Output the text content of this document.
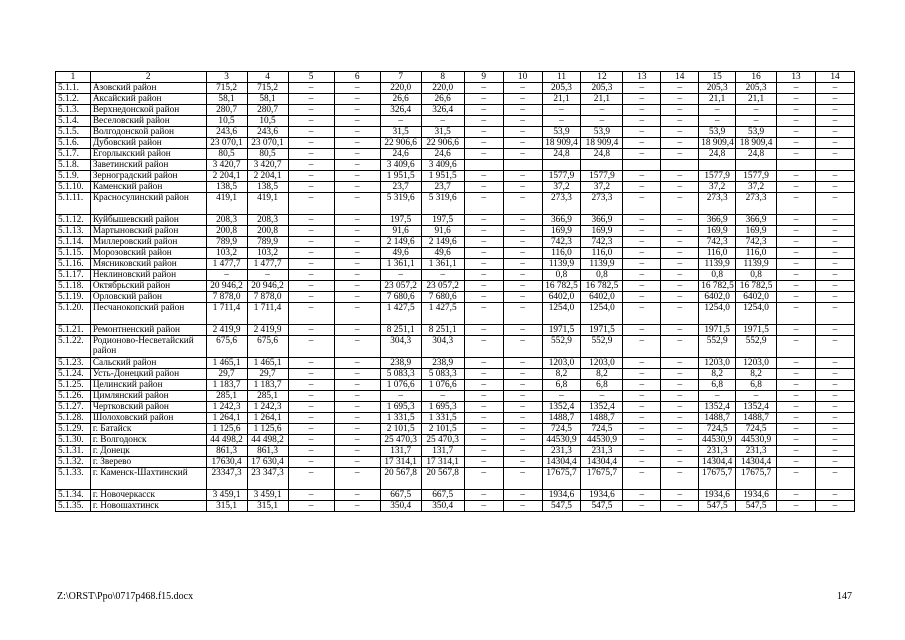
1	2	3	4	5	6	7	8	9	10	11	12	13	14	15	16	13	14
5.1.1.	Азовский район	715,2	715,2	–	–	220,0	220,0	–	–	205,3	205,3	–	–	205,3	205,3	–	–
5.1.2.	Аксайский район	58,1	58,1	–	–	26,6	26,6	–	–	21,1	21,1	–	–	21,1	21,1	–	–
5.1.3.	Верхнедонской район	280,7	280,7	–	–	326,4	326,4	–	–	–	–	–	–	–	–	–	–
5.1.4.	Веселовский район	10,5	10,5	–	–	–	–	–	–	–	–	–	–	–	–	–	–
5.1.5.	Волгодонской район	243,6	243,6	–	–	31,5	31,5	–	–	53,9	53,9	–	–	53,9	53,9	–	–
5.1.6.	Дубовский район	23 070,1	23 070,1	–	–	22 906,6	22 906,6	–	–	18 909,4	18 909,4	–	–	18 909,4	18 909,4	–	–
5.1.7.	Егорлыкский район	80,5	80,5	–	–	24,6	24,6	–	–	24,8	24,8	–	–	24,8	24,8	–	–
5.1.8.	Заветинский район	3 420,7	3 420,7	–	–	3 409,6	3 409,6										
5.1.9.	Зерноградский район	2 204,1	2 204,1	–	–	1 951,5	1 951,5	–	–	1577,9	1577,9	–	–	1577,9	1577,9	–	–
5.1.10.	Каменский район	138,5	138,5	–	–	23,7	23,7	–	–	37,2	37,2	–	–	37,2	37,2	–	–
5.1.11.	Красносулинский район	419,1	419,1	–	–	5 319,6	5 319,6	–	–	273,3	273,3	–	–	273,3	273,3	–	–
5.1.12.	Куйбышевский район	208,3	208,3	–	–	197,5	197,5	–	–	366,9	366,9	–	–	366,9	366,9	–	–
5.1.13.	Мартыновский район	200,8	200,8	–	–	91,6	91,6	–	–	169,9	169,9	–	–	169,9	169,9	–	–
5.1.14.	Миллеровский район	789,9	789,9	–	–	2 149,6	2 149,6	–	–	742,3	742,3	–	–	742,3	742,3	–	–
5.1.15.	Морозовский район	103,2	103,2	–	–	49,6	49,6	–	–	116,0	116,0	–	–	116,0	116,0	–	–
5.1.16.	Мясниковский район	1 477,7	1 477,7	–	–	1 361,1	1 361,1	–	–	1139,9	1139,9	–	–	1139,9	1139,9	–	–
5.1.17.	Неклиновский район	–	–	–	–	–	–	–	–	0,8	0,8	–	–	0,8	0,8	–	–
5.1.18.	Октябрьский район	20 946,2	20 946,2	–	–	23 057,2	23 057,2	–	–	16 782,5	16 782,5	–	–	16 782,5	16 782,5	–	–
5.1.19.	Орловский район	7 878,0	7 878,0	–	–	7 680,6	7 680,6	–	–	6402,0	6402,0	–	–	6402,0	6402,0	–	–
5.1.20.	Песчанокопский район	1 711,4	1 711,4	–	–	1 427,5	1 427,5	–	–	1254,0	1254,0	–	–	1254,0	1254,0	–	–
5.1.21.	Ремонтненский район	2 419,9	2 419,9	–	–	8 251,1	8 251,1	–	–	1971,5	1971,5	–	–	1971,5	1971,5	–	–
5.1.22.	Родионово-Несветайский район	675,6	675,6	–	–	304,3	304,3	–	–	552,9	552,9	–	–	552,9	552,9	–	–
5.1.23.	Сальский район	1 465,1	1 465,1	–	–	238,9	238,9	–	–	1203,0	1203,0	–	–	1203,0	1203,0	–	–
5.1.24.	Усть-Донецкий район	29,7	29,7	–	–	5 083,3	5 083,3	–	–	8,2	8,2	–	–	8,2	8,2	–	–
5.1.25.	Целинский район	1 183,7	1 183,7	–	–	1 076,6	1 076,6	–	–	6,8	6,8	–	–	6,8	6,8	–	–
5.1.26.	Цимлянский район	285,1	285,1	–	–	–	–	–	–	–	–	–	–	–	–	–	–
5.1.27.	Чертковский район	1 242,3	1 242,3	–	–	1 695,3	1 695,3	–	–	1352,4	1352,4	–	–	1352,4	1352,4	–	–
5.1.28.	Шолоховский район	1 264,1	1 264,1	–	–	1 331,5	1 331,5	–	–	1488,7	1488,7	–	–	1488,7	1488,7	–	–
5.1.29.	г. Батайск	1 125,6	1 125,6	–	–	2 101,5	2 101,5	–	–	724,5	724,5	–	–	724,5	724,5	–	–
5.1.30.	г. Волгодонск	44 498,2	44 498,2	–	–	25 470,3	25 470,3	–	–	44530,9	44530,9	–	–	44530,9	44530,9	–	–
5.1.31.	г. Донецк	861,3	861,3	–	–	131,7	131,7	–	–	231,3	231,3	–	–	231,3	231,3	–	–
5.1.32.	г. Зверево	17630,4	17 630,4	–	–	17 314,1	17 314,1	–	–	14304,4	14304,4	–	–	14304,4	14304,4	–	–
5.1.33.	г. Каменск-Шахтинский	23347,3	23 347,3	–	–	20 567,8	20 567,8	–	–	17675,7	17675,7	–	–	17675,7	17675,7	–	–
5.1.34.	г. Новочеркасск	3 459,1	3 459,1	–	–	667,5	667,5	–	–	1934,6	1934,6	–	–	1934,6	1934,6	–	–
5.1.35.	г. Новошахтинск	315,1	315,1	–	–	350,4	350,4	–	–	547,5	547,5	–	–	547,5	547,5	–	–
Z:\ORST\Ppo\0717p468.f15.docx	147
